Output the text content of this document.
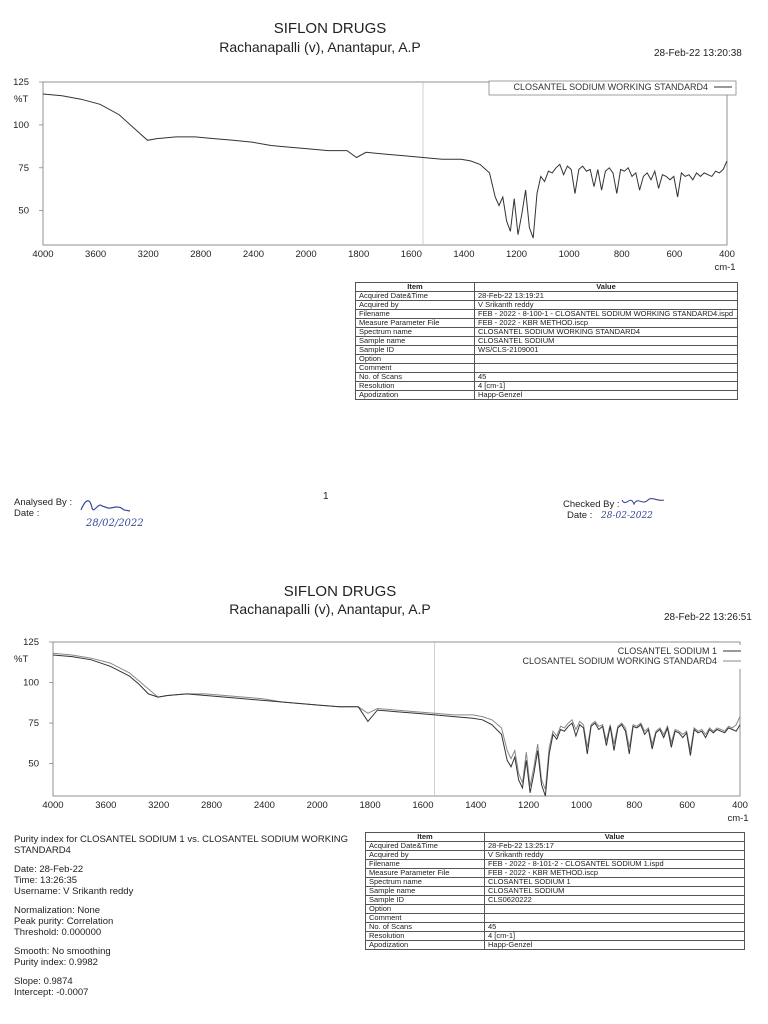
SIFLON DRUGS
Rachanapalli (v), Anantapur, A.P	28-Feb-22 13:20:38
4000	3600	3200	2800	2400	2000	1800	1600	1400	1200	1000	800	600	400
125
100
75
50
%T
cm-1
CLOSANTEL SODIUM WORKING STANDARD4
Item	Value
Acquired Date&Time	28-Feb-22 13:19:21
Acquired by	V Srikanth reddy
Filename	FEB - 2022 - 8-100-1 - CLOSANTEL SODIUM WORKING STANDARD4.ispd
Measure Parameter File	FEB - 2022 - KBR METHOD.iscp
Spectrum name	CLOSANTEL SODIUM WORKING STANDARD4
Sample name	CLOSANTEL SODIUM
Sample ID	WS/CLS-2109001
Option	
Comment	
No. of Scans	45
Resolution	4 [cm-1]
Apodization	Happ-Genzel
1
Analysed By :
Date :
28/02/2022
Checked By :
Date : 28-02-2022
SIFLON DRUGS
Rachanapalli (v), Anantapur, A.P
28-Feb-22 13:26:51
4000	3600	3200	2800	2400	2000	1800	1600	1400	1200	1000	800	600	400
125
100
75
50
%T
cm-1
CLOSANTEL SODIUM 1
CLOSANTEL SODIUM WORKING STANDARD4
Purity index for CLOSANTEL SODIUM 1 vs. CLOSANTEL SODIUM WORKING STANDARD4
Date: 28-Feb-22
Time: 13:26:35
Username: V Srikanth reddy
Normalization: None
Peak purity: Correlation
Threshold: 0.000000
Smooth: No smoothing
Purity index: 0.9982
Slope: 0.9874
Intercept: -0.0007
Item	Value
Acquired Date&Time	28-Feb-22 13:25:17
Acquired by	V Srikanth reddy
Filename	FEB - 2022 - 8-101-2 - CLOSANTEL SODIUM 1.ispd
Measure Parameter File	FEB - 2022 - KBR METHOD.iscp
Spectrum name	CLOSANTEL SODIUM 1
Sample name	CLOSANTEL SODIUM
Sample ID	CLS0620222
Option	
Comment	
No. of Scans	45
Resolution	4 [cm-1]
Apodization	Happ-Genzel
